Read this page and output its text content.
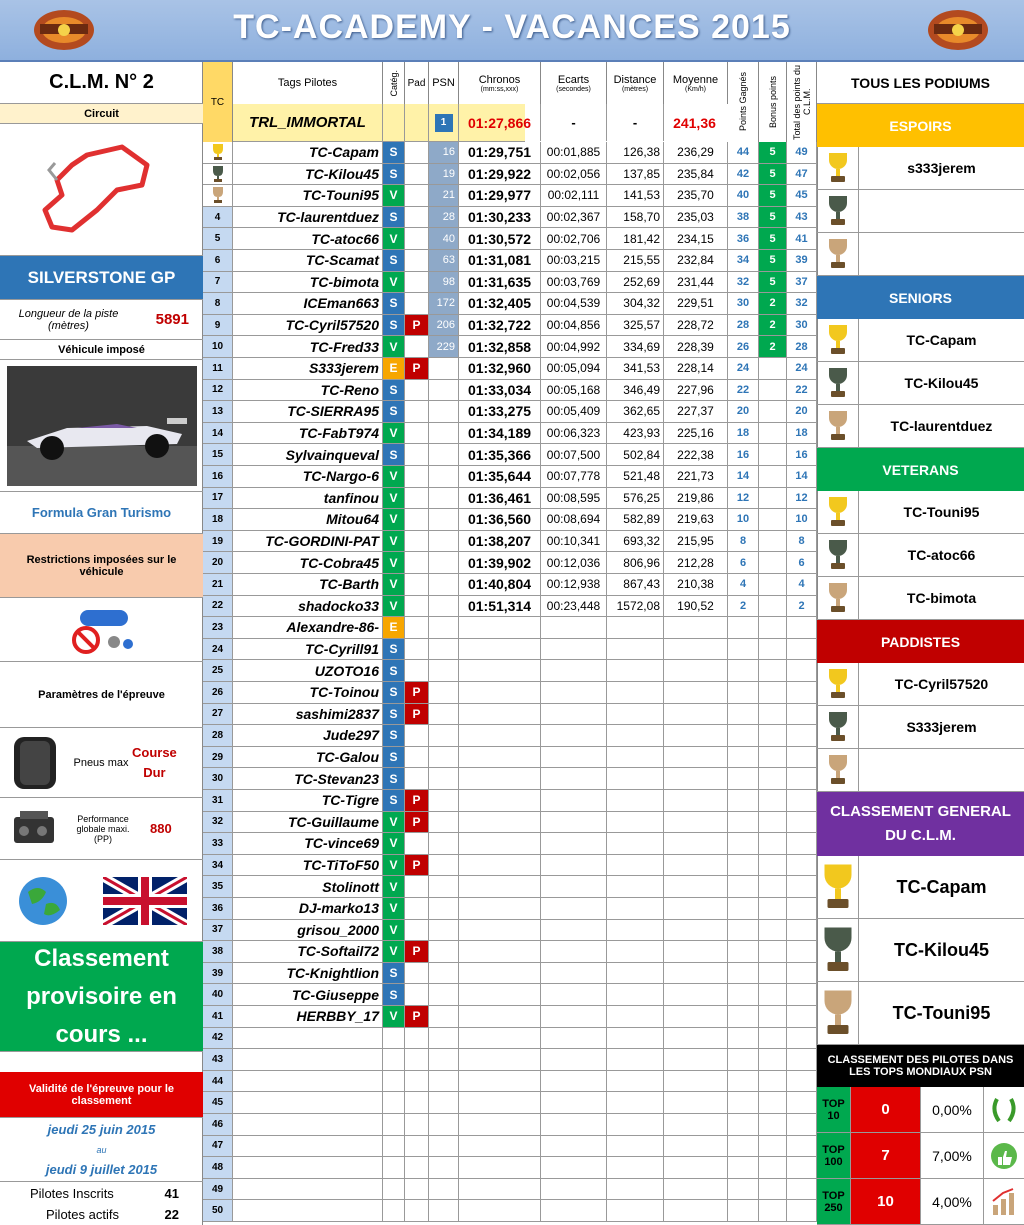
TC-ACADEMY - VACANCES 2015
C.L.M. N° 2
Circuit
SILVERSTONE GP
Longueur de la piste (mètres)	5891
Véhicule imposé
Formula Gran Turismo
Restrictions imposées sur le véhicule
Paramètres de l'épreuve
Pneus max
Course
Dur
Performance globale maxi. (PP)
880
Classement provisoire en cours ...
Validité de l'épreuve pour le classement
jeudi 25 juin 2015
au
jeudi 9 juillet 2015
Pilotes Inscrits	41
Pilotes actifs	22
TC
Tags Pilotes	Catég. Pad PSN	Chronos
(mm:ss,xxx)
Ecarts
(secondes)
Distance
(mètres)
Moyenne
(Km/h)	Points Gagnés Bonus points Total des points du C.L.M.
TRL_IMMORTAL	1	01:27,866	-	-	241,36
TC-Capam S	16 01:29,751	00:01,885	126,38	236,29	44	5	49
TC-Kilou45 S	19 01:29,922	00:02,056	137,85	235,84	42	5	47
TC-Touni95 V	21 01:29,977	00:02,111	141,53	235,70	40	5	45
4	TC-laurentduez S	28 01:30,233	00:02,367	158,70	235,03	38	5	43
5	TC-atoc66 V	40 01:30,572	00:02,706	181,42	234,15	36	5	41
6	TC-Scamat S	63 01:31,081	00:03,215	215,55	232,84	34	5	39
7	TC-bimota V	98 01:31,635	00:03,769	252,69	231,44	32	5	37
8	ICEman663 S	172 01:32,405	00:04,539	304,32	229,51	30	2	32
9	TC-Cyril57520 S	P	206 01:32,722	00:04,856	325,57	228,72	28	2	30
10	TC-Fred33 V	229 01:32,858	00:04,992	334,69	228,39	26	2	28
11	S333jerem E	P	01:32,960	00:05,094	341,53	228,14	24	24
12	TC-Reno S	01:33,034	00:05,168	346,49	227,96	22	22
13	TC-SIERRA95 S	01:33,275	00:05,409	362,65	227,37	20	20
14	TC-FabT974 V	01:34,189	00:06,323	423,93	225,16	18	18
15	Sylvainqueval S	01:35,366	00:07,500	502,84	222,38	16	16
16	TC-Nargo-6 V	01:35,644	00:07,778	521,48	221,73	14	14
17	tanfinou V	01:36,461	00:08,595	576,25	219,86	12	12
18	Mitou64 V	01:36,560	00:08,694	582,89	219,63	10	10
19	TC-GORDINI-PAT V	01:38,207	00:10,341	693,32	215,95	8	8
20	TC-Cobra45 V	01:39,902	00:12,036	806,96	212,28	6	6
21	TC-Barth V	01:40,804	00:12,938	867,43	210,38	4	4
22	shadocko33 V	01:51,314	00:23,448	1572,08	190,52	2	2
23	Alexandre-86- E
24	TC-Cyrill91 S
25	UZOTO16 S
26	TC-Toinou S	P
27	sashimi2837 S	P
28	Jude297 S
29	TC-Galou S
30	TC-Stevan23 S
31	TC-Tigre S	P
32	TC-Guillaume V	P
33	TC-vince69 V
34	TC-TiToF50 V	P
35	Stolinott V
36	DJ-marko13 V
37	grisou_2000 V
38	TC-Softail72 V	P
39	TC-Knightlion S
40	TC-Giuseppe S
41	HERBBY_17 V	P
42
43
44
45
46
47
48
49
50
TOUS LES PODIUMS
ESPOIRS
s333jerem
SENIORS
TC-Capam
TC-Kilou45
TC-laurentduez
VETERANS
TC-Touni95
TC-atoc66
TC-bimota
PADDISTES
TC-Cyril57520
S333jerem
CLASSEMENT GENERAL DU C.L.M.
TC-Capam
TC-Kilou45
TC-Touni95
CLASSEMENT DES PILOTES DANS LES TOPS MONDIAUX PSN
TOP
10	0	0,00%
TOP
100	7	7,00%
TOP
250	10	4,00%
